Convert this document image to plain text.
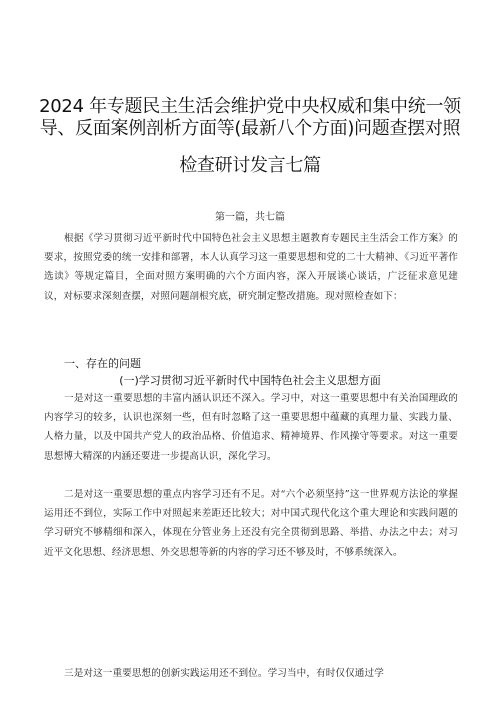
2024 年专题民主生活会维护党中央权威和集中统一领
导、反面案例剖析方面等(最新八个方面)问题查摆对照
检查研讨发言七篇
第一篇，共七篇
根据《学习贯彻习近平新时代中国特色社会主义思想主题教育专题民主生活会工作方案》的要求，按照党委的统一安排和部署，本人认真学习这一重要思想和党的二十大精神、《习近平著作选读》等规定篇目，全面对照方案明确的六个方面内容，深入开展谈心谈话，广泛征求意见建议，对标要求深刻查摆，对照问题剖根究底，研究制定整改措施。现对照检查如下：
一、存在的问题
(一)学习贯彻习近平新时代中国特色社会主义思想方面
一是对这一重要思想的丰富内涵认识还不深入。学习中，对这一重要思想中有关治国理政的内容学习的较多，认识也深刻一些，但有时忽略了这一重要思想中蕴藏的真理力量、实践力量、人格力量，以及中国共产党人的政治品格、价值追求、精神境界、作风操守等要求。对这一重要思想博大精深的内涵还要进一步提高认识，深化学习。
二是对这一重要思想的重点内容学习还有不足。对“六个必须坚持”这一世界观方法论的掌握运用还不到位，实际工作中对照起来差距还比较大；对中国式现代化这个重大理论和实践问题的学习研究不够精细和深入，体现在分管业务上还没有完全贯彻到思路、举措、办法之中去；对习近平文化思想、经济思想、外交思想等新的内容的学习还不够及时，不够系统深入。
三是对这一重要思想的创新实践运用还不到位。学习当中，有时仅仅通过学
